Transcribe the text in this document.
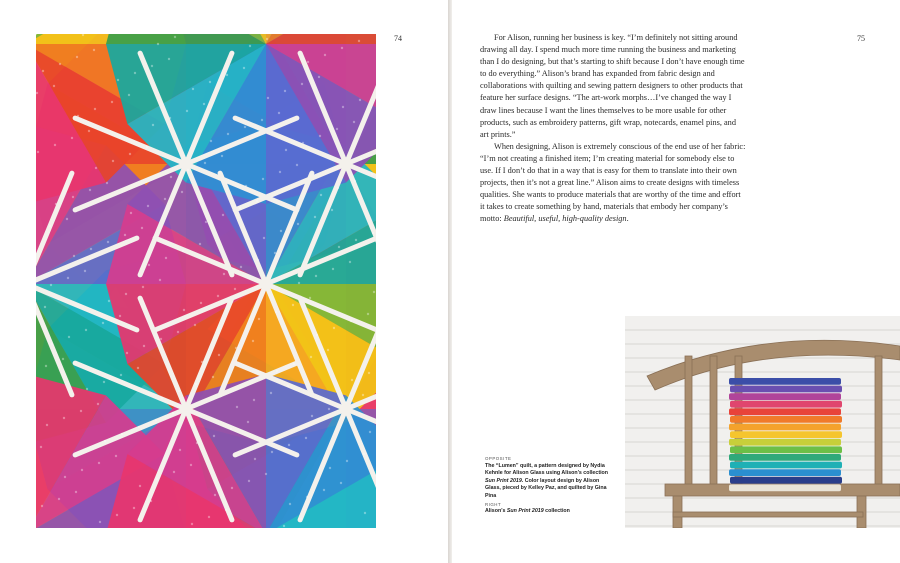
74	75

For Alison, running her business is key. “I’m definitely not sitting around drawing all day. I spend much more time running the business and marketing than I do designing, but that’s starting to shift because I don’t have enough time to do everything.” Alison’s brand has expanded from fabric design and collaborations with quilting and sewing pattern designers to other products that feature her surface designs. “The art-work morphs…I’ve changed the way I draw lines because I want the lines themselves to be more usable for other products, such as embroidery patterns, gift wrap, notecards, enamel pins, and art prints.”

When designing, Alison is extremely conscious of the end use of her fabric: “I’m not creating a finished item; I’m creating material for somebody else to use. If I don’t do that in a way that is easy for them to translate into their own projects, then it’s not a great line.” Alison aims to create designs with timeless qualities. She wants to produce materials that are worthy of the time and effort it takes to create something by hand, materials that embody her company’s motto: Beautiful, useful, high-quality design.

OPPOSITE
The “Lumen” quilt, a pattern designed by Nydia Kehnle for Alison Glass using Alison’s collection Sun Print 2019. Color layout design by Alison Glass, pieced by Kelley Paz, and quilted by Gina Pina
RIGHT
Alison’s Sun Print 2019 collection
